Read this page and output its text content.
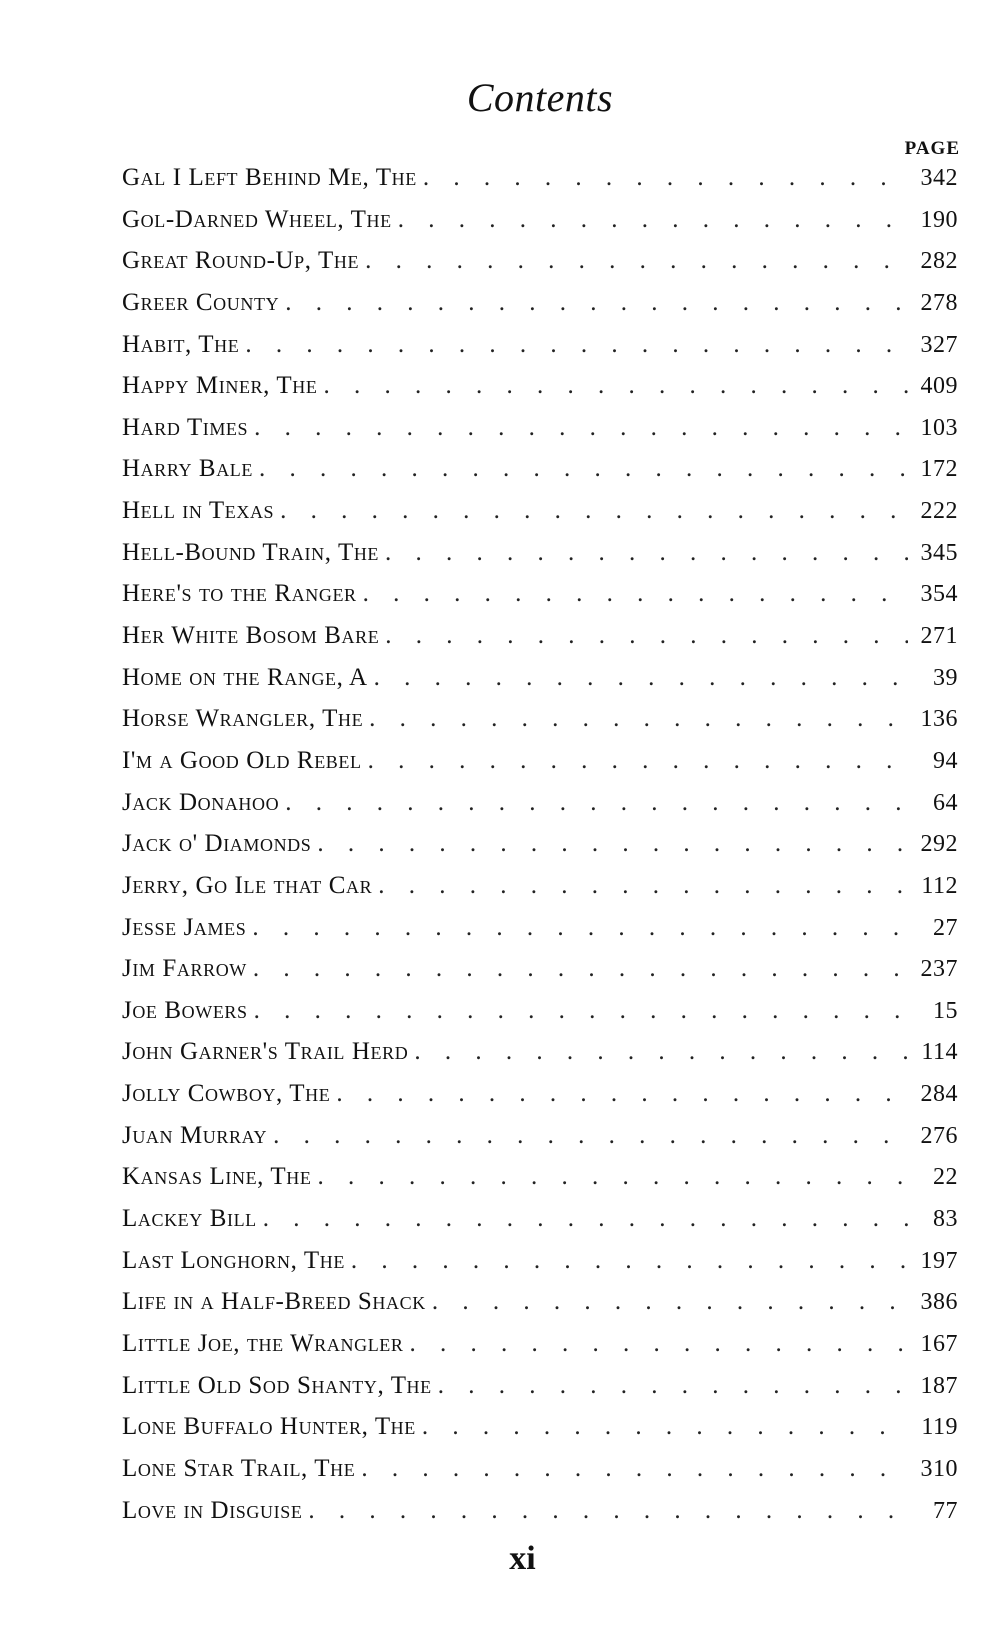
Contents
PAGE
Gal I Left Behind Me, The . . .	342
Gol-Darned Wheel, The . . .	190
Great Round-Up, The . . .	282
Greer County . . .	278
Habit, The . . .	327
Happy Miner, The . . .	409
Hard Times . . .	103
Harry Bale . . .	172
Hell in Texas . . .	222
Hell-Bound Train, The . . .	345
Here's to the Ranger . . .	354
Her White Bosom Bare . . .	271
Home on the Range, A . . .	39
Horse Wrangler, The . . .	136
I'm a Good Old Rebel . . .	94
Jack Donahoo . . .	64
Jack o' Diamonds . . .	292
Jerry, Go Ile that Car . . .	112
Jesse James . . .	27
Jim Farrow . . .	237
Joe Bowers . . .	15
John Garner's Trail Herd . . .	114
Jolly Cowboy, The . . .	284
Juan Murray . . .	276
Kansas Line, The . . .	22
Lackey Bill . . .	83
Last Longhorn, The . . .	197
Life in a Half-Breed Shack . . .	386
Little Joe, the Wrangler . . .	167
Little Old Sod Shanty, The . . .	187
Lone Buffalo Hunter, The . . .	119
Lone Star Trail, The . . .	310
Love in Disguise . . .	77
xi
